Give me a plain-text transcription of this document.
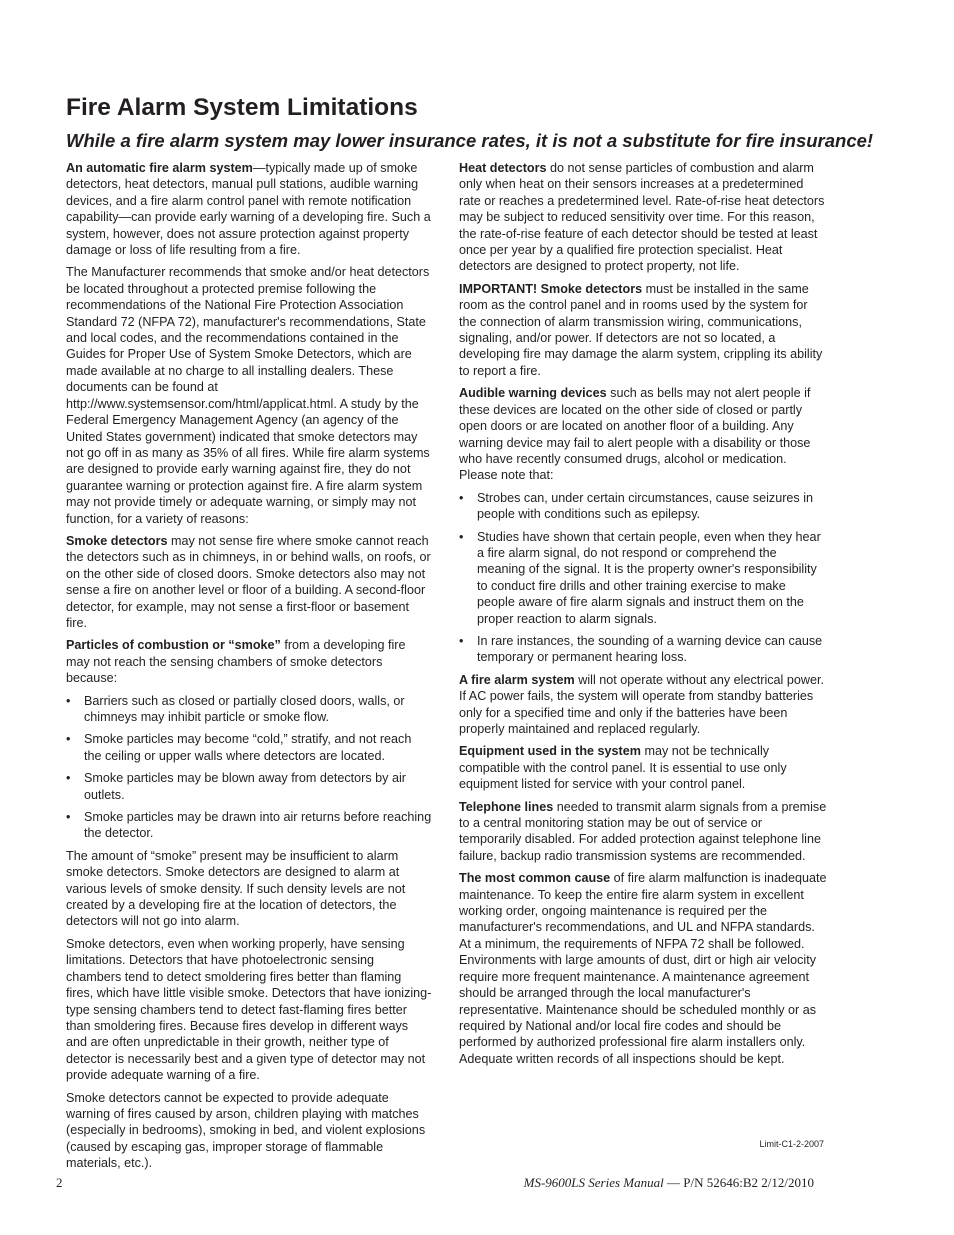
Fire Alarm System Limitations
While a fire alarm system may lower insurance rates, it is not a substitute for fire insurance!

An automatic fire alarm system—typically made up of smoke detectors, heat detectors, manual pull stations, audible warning devices, and a fire alarm control panel with remote notification capability—can provide early warning of a developing fire. Such a system, however, does not assure protection against property damage or loss of life resulting from a fire.

The Manufacturer recommends that smoke and/or heat detectors be located throughout a protected premise following the recommendations of the National Fire Protection Association Standard 72 (NFPA 72), manufacturer's recommendations, State and local codes, and the recommendations contained in the Guides for Proper Use of System Smoke Detectors, which are made available at no charge to all installing dealers. These documents can be found at http://www.systemsensor.com/html/applicat.html. A study by the Federal Emergency Management Agency (an agency of the United States government) indicated that smoke detectors may not go off in as many as 35% of all fires. While fire alarm systems are designed to provide early warning against fire, they do not guarantee warning or protection against fire. A fire alarm system may not provide timely or adequate warning, or simply may not function, for a variety of reasons:

Smoke detectors may not sense fire where smoke cannot reach the detectors such as in chimneys, in or behind walls, on roofs, or on the other side of closed doors. Smoke detectors also may not sense a fire on another level or floor of a building. A second-floor detector, for example, may not sense a first-floor or basement fire.

Particles of combustion or “smoke” from a developing fire may not reach the sensing chambers of smoke detectors because:

• Barriers such as closed or partially closed doors, walls, or chimneys may inhibit particle or smoke flow.
• Smoke particles may become “cold,” stratify, and not reach the ceiling or upper walls where detectors are located.
• Smoke particles may be blown away from detectors by air outlets.
• Smoke particles may be drawn into air returns before reaching the detector.

The amount of “smoke” present may be insufficient to alarm smoke detectors. Smoke detectors are designed to alarm at various levels of smoke density. If such density levels are not created by a developing fire at the location of detectors, the detectors will not go into alarm.

Smoke detectors, even when working properly, have sensing limitations. Detectors that have photoelectronic sensing chambers tend to detect smoldering fires better than flaming fires, which have little visible smoke. Detectors that have ionizing-type sensing chambers tend to detect fast-flaming fires better than smoldering fires. Because fires develop in different ways and are often unpredictable in their growth, neither type of detector is necessarily best and a given type of detector may not provide adequate warning of a fire.

Smoke detectors cannot be expected to provide adequate warning of fires caused by arson, children playing with matches (especially in bedrooms), smoking in bed, and violent explosions (caused by escaping gas, improper storage of flammable materials, etc.).

Heat detectors do not sense particles of combustion and alarm only when heat on their sensors increases at a predetermined rate or reaches a predetermined level. Rate-of-rise heat detectors may be subject to reduced sensitivity over time. For this reason, the rate-of-rise feature of each detector should be tested at least once per year by a qualified fire protection specialist. Heat detectors are designed to protect property, not life.

IMPORTANT! Smoke detectors must be installed in the same room as the control panel and in rooms used by the system for the connection of alarm transmission wiring, communications, signaling, and/or power. If detectors are not so located, a developing fire may damage the alarm system, crippling its ability to report a fire.

Audible warning devices such as bells may not alert people if these devices are located on the other side of closed or partly open doors or are located on another floor of a building. Any warning device may fail to alert people with a disability or those who have recently consumed drugs, alcohol or medication. Please note that:

• Strobes can, under certain circumstances, cause seizures in people with conditions such as epilepsy.
• Studies have shown that certain people, even when they hear a fire alarm signal, do not respond or comprehend the meaning of the signal. It is the property owner's responsibility to conduct fire drills and other training exercise to make people aware of fire alarm signals and instruct them on the proper reaction to alarm signals.
• In rare instances, the sounding of a warning device can cause temporary or permanent hearing loss.

A fire alarm system will not operate without any electrical power. If AC power fails, the system will operate from standby batteries only for a specified time and only if the batteries have been properly maintained and replaced regularly.

Equipment used in the system may not be technically compatible with the control panel. It is essential to use only equipment listed for service with your control panel.

Telephone lines needed to transmit alarm signals from a premise to a central monitoring station may be out of service or temporarily disabled. For added protection against telephone line failure, backup radio transmission systems are recommended.

The most common cause of fire alarm malfunction is inadequate maintenance. To keep the entire fire alarm system in excellent working order, ongoing maintenance is required per the manufacturer's recommendations, and UL and NFPA standards. At a minimum, the requirements of NFPA 72 shall be followed. Environments with large amounts of dust, dirt or high air velocity require more frequent maintenance. A maintenance agreement should be arranged through the local manufacturer's representative. Maintenance should be scheduled monthly or as required by National and/or local fire codes and should be performed by authorized professional fire alarm installers only. Adequate written records of all inspections should be kept.

Limit-C1-2-2007
2	MS-9600LS Series Manual — P/N 52646:B2 2/12/2010
